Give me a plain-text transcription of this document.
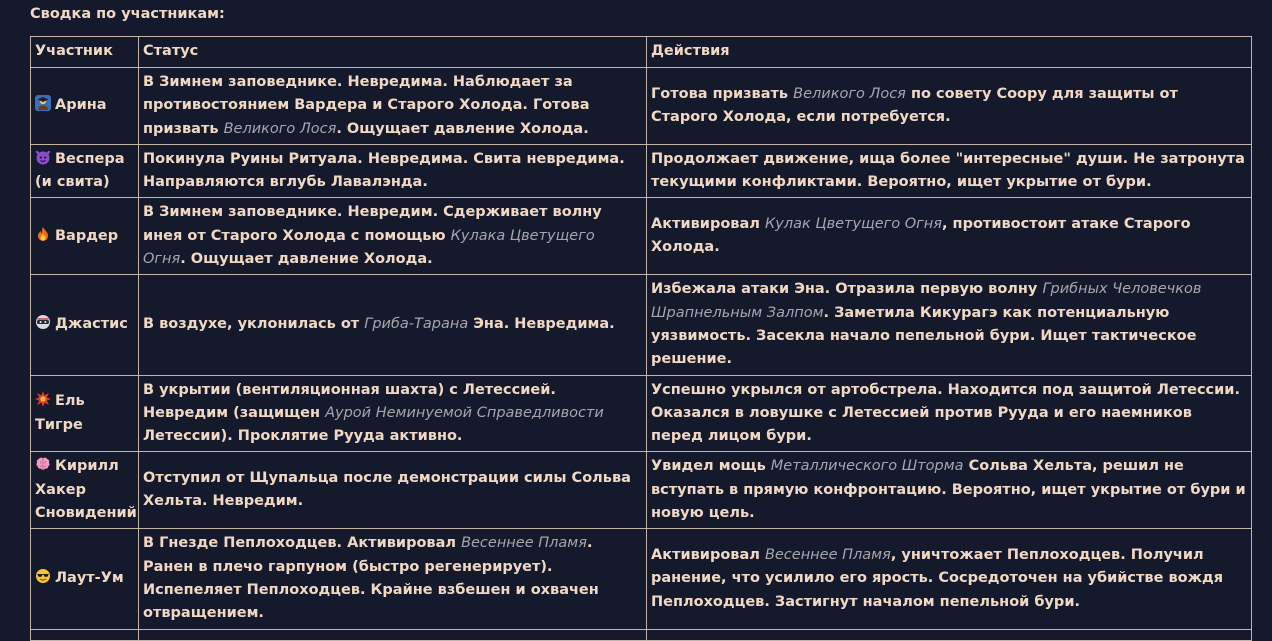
Сводка по участникам:
Участник	Статус	Действия
Арина	В Зимнем заповеднике. Невредима. Наблюдает за противостоянием Вардера и Старого Холода. Готова призвать Великого Лося. Ощущает давление Холода.	Готова призвать Великого Лося по совету Соору для защиты от Старого Холода, если потребуется.
Веспера (и свита)	Покинула Руины Ритуала. Невредима. Свита невредима. Направляются вглубь Лавалэнда.	Продолжает движение, ища более "интересные" души. Не затронута текущими конфликтами. Вероятно, ищет укрытие от бури.
Вардер	В Зимнем заповеднике. Невредим. Сдерживает волну инея от Старого Холода с помощью Кулака Цветущего Огня. Ощущает давление Холода.	Активировал Кулак Цветущего Огня, противостоит атаке Старого Холода.
Джастис	В воздухе, уклонилась от Гриба-Тарана Эна. Невредима.	Избежала атаки Эна. Отразила первую волну Грибных Человечков Шрапнельным Залпом. Заметила Кикурагэ как потенциальную уязвимость. Засекла начало пепельной бури. Ищет тактическое решение.
Ель Тигре	В укрытии (вентиляционная шахта) с Летессией. Невредим (защищен Аурой Неминуемой Справедливости Летессии). Проклятие Рууда активно.	Успешно укрылся от артобстрела. Находится под защитой Летессии. Оказался в ловушке с Летессией против Рууда и его наемников перед лицом бури.
Кирилл Хакер Сновидений	Отступил от Щупальца после демонстрации силы Сольва Хельта. Невредим.	Увидел мощь Металлического Шторма Сольва Хельта, решил не вступать в прямую конфронтацию. Вероятно, ищет укрытие от бури и новую цель.
Лаут-Ум	В Гнезде Пеплоходцев. Активировал Весеннее Пламя. Ранен в плечо гарпуном (быстро регенерирует). Испепеляет Пеплоходцев. Крайне взбешен и охвачен отвращением.	Активировал Весеннее Пламя, уничтожает Пеплоходцев. Получил ранение, что усилило его ярость. Сосредоточен на убийстве вождя Пеплоходцев. Застигнут началом пепельной бури.
